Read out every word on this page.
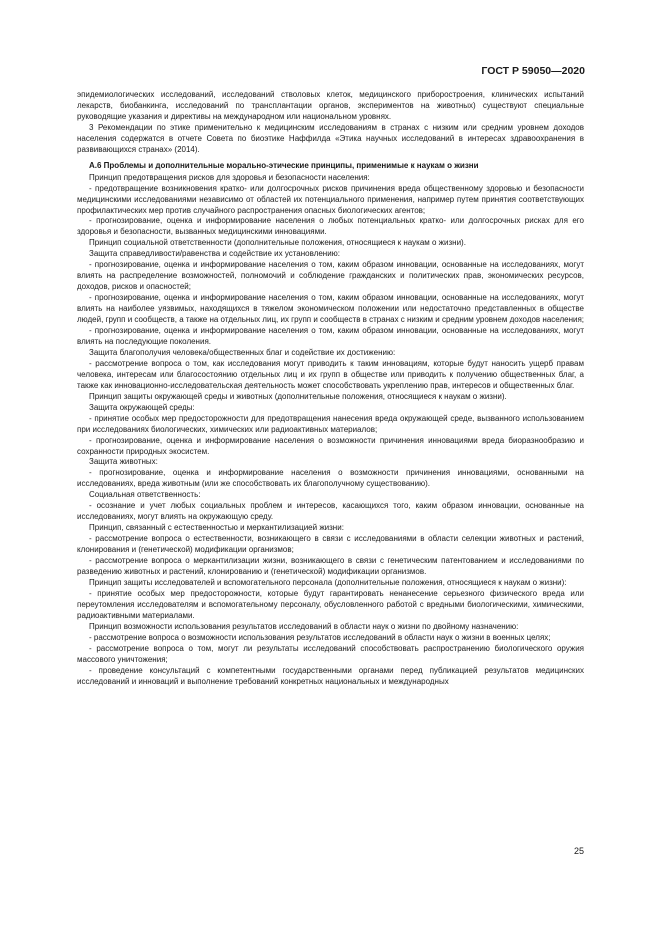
ГОСТ Р 59050—2020

эпидемиологических исследований, исследований стволовых клеток, медицинского приборостроения, клинических испытаний лекарств, биобанкинга, исследований по трансплантации органов, экспериментов на животных) существуют специальные руководящие указания и директивы на международном или национальном уровнях.

3 Рекомендации по этике применительно к медицинским исследованиям в странах с низким или средним уровнем доходов населения содержатся в отчете Совета по биоэтике Наффилда «Этика научных исследований в интересах здравоохранения в развивающихся странах» (2014).

А.6 Проблемы и дополнительные морально-этические принципы, применимые к наукам о жизни

Принцип предотвращения рисков для здоровья и безопасности населения:

- предотвращение возникновения кратко- или долгосрочных рисков причинения вреда общественному здоровью и безопасности медицинскими исследованиями независимо от областей их потенциального применения, например путем принятия соответствующих профилактических мер против случайного распространения опасных биологических агентов;

- прогнозирование, оценка и информирование населения о любых потенциальных кратко- или долгосрочных рисках для его здоровья и безопасности, вызванных медицинскими инновациями.

Принцип социальной ответственности (дополнительные положения, относящиеся к наукам о жизни).

Защита справедливости/равенства и содействие их установлению:

- прогнозирование, оценка и информирование населения о том, каким образом инновации, основанные на исследованиях, могут влиять на распределение возможностей, полномочий и соблюдение гражданских и политических прав, экономических ресурсов, доходов, рисков и опасностей;

- прогнозирование, оценка и информирование населения о том, каким образом инновации, основанные на исследованиях, могут влиять на наиболее уязвимых, находящихся в тяжелом экономическом положении или недостаточно представленных в обществе людей, групп и сообществ, а также на отдельных лиц, их групп и сообществ в странах с низким и средним уровнем доходов населения;

- прогнозирование, оценка и информирование населения о том, каким образом инновации, основанные на исследованиях, могут влиять на последующие поколения.

Защита благополучия человека/общественных благ и содействие их достижению:

- рассмотрение вопроса о том, как исследования могут приводить к таким инновациям, которые будут наносить ущерб правам человека, интересам или благосостоянию отдельных лиц и их групп в обществе или приводить к получению общественных благ, а также как инновационно-исследовательская деятельность может способствовать укреплению прав, интересов и общественных благ.

Принцип защиты окружающей среды и животных (дополнительные положения, относящиеся к наукам о жизни).

Защита окружающей среды:

- принятие особых мер предосторожности для предотвращения нанесения вреда окружающей среде, вызванного использованием при исследованиях биологических, химических или радиоактивных материалов;

- прогнозирование, оценка и информирование населения о возможности причинения инновациями вреда биоразнообразию и сохранности природных экосистем.

Защита животных:

- прогнозирование, оценка и информирование населения о возможности причинения инновациями, основанными на исследованиях, вреда животным (или же способствовать их благополучному существованию).

Социальная ответственность:

- осознание и учет любых социальных проблем и интересов, касающихся того, каким образом инновации, основанные на исследованиях, могут влиять на окружающую среду.

Принцип, связанный с естественностью и меркантилизацией жизни:

- рассмотрение вопроса о естественности, возникающего в связи с исследованиями в области селекции животных и растений, клонирования и (генетической) модификации организмов;

- рассмотрение вопроса о меркантилизации жизни, возникающего в связи с генетическим патентованием и исследованиями по разведению животных и растений, клонированию и (генетической) модификации организмов.

Принцип защиты исследователей и вспомогательного персонала (дополнительные положения, относящиеся к наукам о жизни):

- принятие особых мер предосторожности, которые будут гарантировать ненанесение серьезного физического вреда или переутомления исследователям и вспомогательному персоналу, обусловленного работой с вредными биологическими, химическими, радиоактивными материалами.

Принцип возможности использования результатов исследований в области наук о жизни по двойному назначению:

- рассмотрение вопроса о возможности использования результатов исследований в области наук о жизни в военных целях;

- рассмотрение вопроса о том, могут ли результаты исследований способствовать распространению биологического оружия массового уничтожения;

- проведение консультаций с компетентными государственными органами перед публикацией результатов медицинских исследований и инноваций и выполнение требований конкретных национальных и международных

25
